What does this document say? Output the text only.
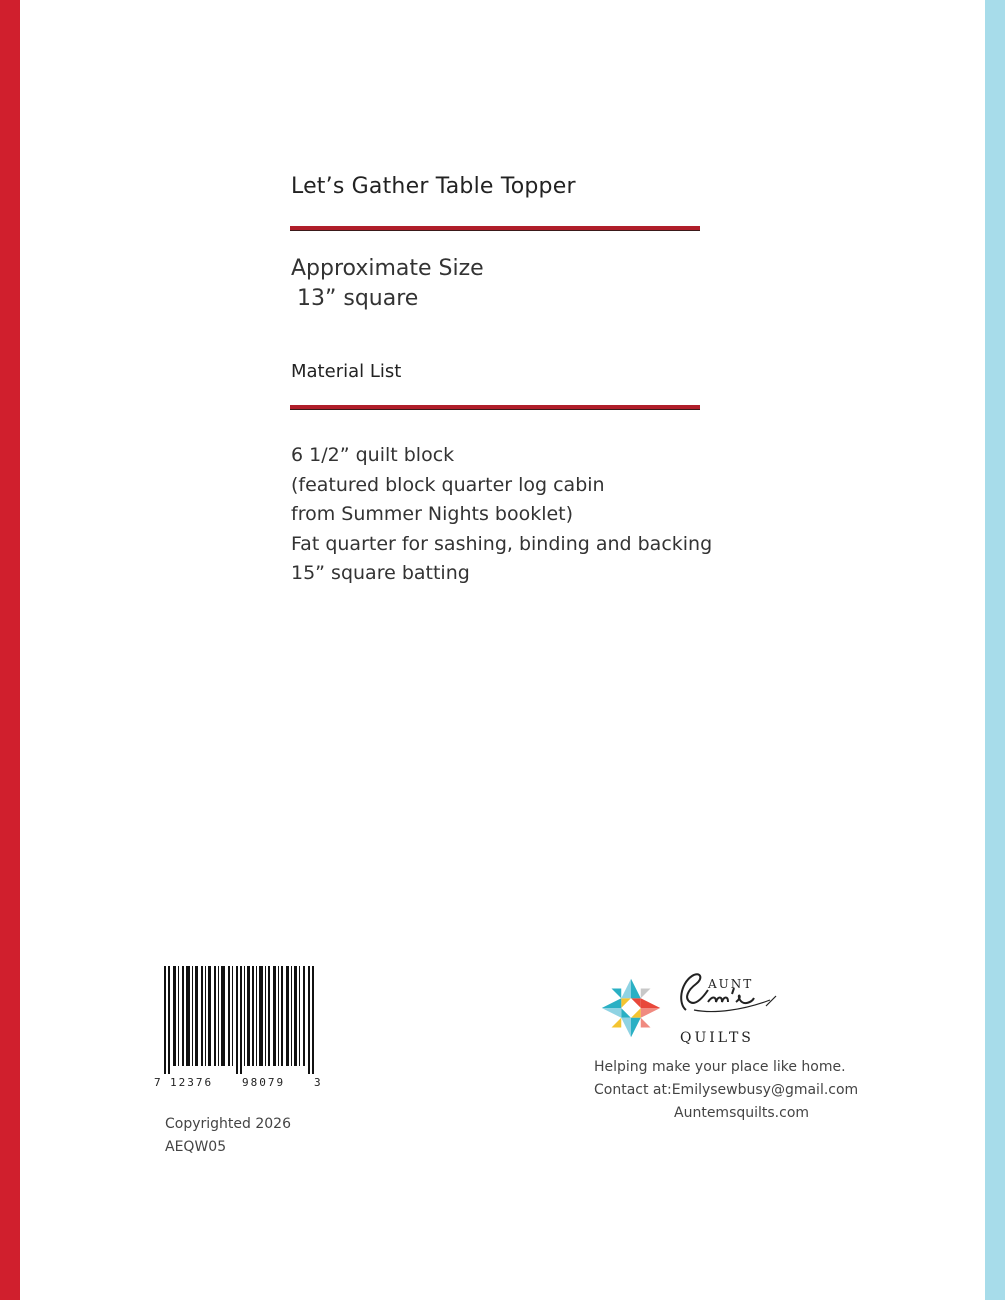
Let’s Gather Table Topper
Approximate Size
13” square
Material List
6 1/2” quilt block
(featured block quarter log cabin
from Summer Nights booklet)
Fat quarter for sashing, binding and backing
15” square batting
7 12376	98079	3
Copyrighted 2026
AEQW05
AUNT
QUILTS
Helping make your place like home.
Contact at:Emilysewbusy@gmail.com
Auntemsquilts.com
